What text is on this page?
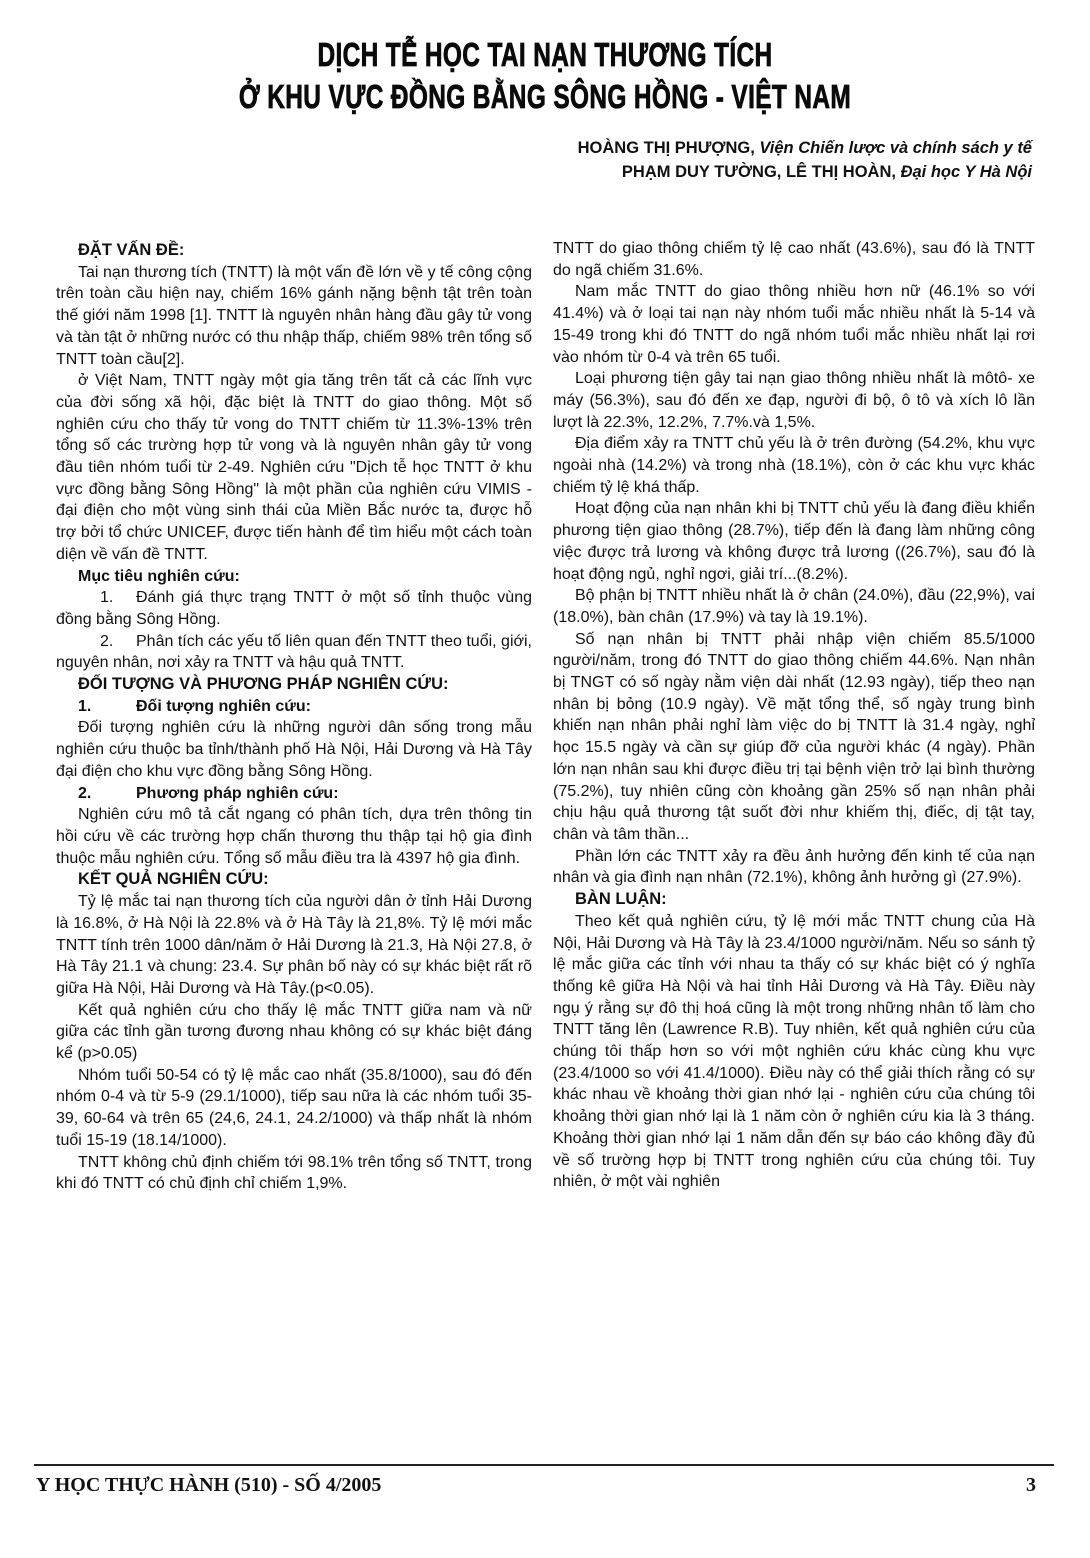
DỊCH TỄ HỌC TAI NẠN THƯƠNG TÍCH
Ở KHU VỰC ĐỒNG BẰNG SÔNG HỒNG - VIỆT NAM
HOÀNG THỊ PHƯỢNG, Viện Chiến lược và chính sách y tế
PHẠM DUY TƯỜNG, LÊ THỊ HOÀN, Đại học Y Hà Nội
ĐẶT VẤN ĐỀ:

Tai nạn thương tích (TNTT) là một vấn đề lớn về y tế công cộng trên toàn cầu hiện nay, chiếm 16% gánh nặng bệnh tật trên toàn thế giới năm 1998 [1]. TNTT là nguyên nhân hàng đầu gây tử vong và tàn tật ở những nước có thu nhập thấp, chiếm 98% trên tổng số TNTT toàn cầu[2].

ở Việt Nam, TNTT ngày một gia tăng trên tất cả các lĩnh vực của đời sống xã hội, đặc biệt là TNTT do giao thông. Một số nghiên cứu cho thấy tử vong do TNTT chiếm từ 11.3%-13% trên tổng số các trường hợp tử vong và là nguyên nhân gây tử vong đầu tiên nhóm tuổi từ 2-49. Nghiên cứu "Dịch tễ học TNTT ở khu vực đồng bằng Sông Hồng" là một phần của nghiên cứu VIMIS - đại điện cho một vùng sinh thái của Miền Bắc nước ta, được hỗ trợ bởi tổ chức UNICEF, được tiến hành để tìm hiểu một cách toàn diện về vấn đề TNTT.

Mục tiêu nghiên cứu:

1. Đánh giá thực trạng TNTT ở một số tỉnh thuộc vùng đồng bằng Sông Hồng.

2. Phân tích các yếu tố liên quan đến TNTT theo tuổi, giới, nguyên nhân, nơi xảy ra TNTT và hậu quả TNTT.

ĐỐI TƯỢNG VÀ PHƯƠNG PHÁP NGHIÊN CỨU:
1.	Đối tượng nghiên cứu:

Đối tượng nghiên cứu là những người dân sống trong mẫu nghiên cứu thuộc ba tỉnh/thành phố Hà Nội, Hải Dương và Hà Tây đại điện cho khu vực đồng bằng Sông Hồng.

2.	Phương pháp nghiên cứu:

Nghiên cứu mô tả cắt ngang có phân tích, dựa trên thông tin hồi cứu về các trường hợp chấn thương thu thập tại hộ gia đình thuộc mẫu nghiên cứu. Tổng số mẫu điều tra là 4397 hộ gia đình.

KẾT QUẢ NGHIÊN CỨU:

Tỷ lệ mắc tai nạn thương tích của người dân ở tỉnh Hải Dương là 16.8%, ở Hà Nội là 22.8% và ở Hà Tây là 21,8%. Tỷ lệ mới mắc TNTT tính trên 1000 dân/năm ở Hải Dương là 21.3, Hà Nội 27.8, ở Hà Tây 21.1 và chung: 23.4. Sự phân bố này có sự khác biệt rất rõ giữa Hà Nội, Hải Dương và Hà Tây.(p<0.05).

Kết quả nghiên cứu cho thấy lệ mắc TNTT giữa nam và nữ giữa các tỉnh gần tương đương nhau không có sự khác biệt đáng kể (p>0.05)

Nhóm tuổi 50-54 có tỷ lệ mắc cao nhất (35.8/1000), sau đó đến nhóm 0-4 và từ 5-9 (29.1/1000), tiếp sau nữa là các nhóm tuổi 35-39, 60-64 và trên 65 (24,6, 24.1, 24.2/1000) và thấp nhất là nhóm tuổi 15-19 (18.14/1000).

TNTT không chủ định chiếm tới 98.1% trên tổng số TNTT, trong khi đó TNTT có chủ định chỉ chiếm 1,9%.

TNTT do giao thông chiếm tỷ lệ cao nhất (43.6%), sau đó là TNTT do ngã chiếm 31.6%.

Nam mắc TNTT do giao thông nhiều hơn nữ (46.1% so với 41.4%) và ở loại tai nạn này nhóm tuổi mắc nhiều nhất là 5-14 và 15-49 trong khi đó TNTT do ngã nhóm tuổi mắc nhiều nhất lại rơi vào nhóm từ 0-4 và trên 65 tuổi.

Loại phương tiện gây tai nạn giao thông nhiều nhất là môtô- xe máy (56.3%), sau đó đến xe đạp, người đi bộ, ô tô và xích lô lần lượt là 22.3%, 12.2%, 7.7%.và 1,5%.

Địa điểm xảy ra TNTT chủ yếu là ở trên đường (54.2%, khu vực ngoài nhà (14.2%) và trong nhà (18.1%), còn ở các khu vực khác chiếm tỷ lệ khá thấp.

Hoạt động của nạn nhân khi bị TNTT chủ yếu là đang điều khiển phương tiện giao thông (28.7%), tiếp đến là đang làm những công việc được trả lương và không được trả lương ((26.7%), sau đó là hoạt động ngủ, nghỉ ngơi, giải trí...(8.2%).

Bộ phận bị TNTT nhiều nhất là ở chân (24.0%), đầu (22,9%), vai (18.0%), bàn chân (17.9%) và tay là 19.1%).

Số nạn nhân bị TNTT phải nhập viện chiếm 85.5/1000 người/năm, trong đó TNTT do giao thông chiếm 44.6%. Nạn nhân bị TNGT có số ngày nằm viện dài nhất (12.93 ngày), tiếp theo nạn nhân bị bỏng (10.9 ngày). Về mặt tổng thể, số ngày trung bình khiến nạn nhân phải nghỉ làm việc do bị TNTT là 31.4 ngày, nghỉ học 15.5 ngày và cần sự giúp đỡ của người khác (4 ngày). Phần lớn nạn nhân sau khi được điều trị tại bệnh viện trở lại bình thường (75.2%), tuy nhiên cũng còn khoảng gần 25% số nạn nhân phải chịu hậu quả thương tật suốt đời như khiếm thị, điếc, dị tật tay, chân và tâm thần...

Phần lớn các TNTT xảy ra đều ảnh hưởng đến kinh tế của nạn nhân và gia đình nạn nhân (72.1%), không ảnh hưởng gì (27.9%).

BÀN LUẬN:

Theo kết quả nghiên cứu, tỷ lệ mới mắc TNTT chung của Hà Nội, Hải Dương và Hà Tây là 23.4/1000 người/năm. Nếu so sánh tỷ lệ mắc giữa các tỉnh với nhau ta thấy có sự khác biệt có ý nghĩa thống kê giữa Hà Nội và hai tỉnh Hải Dương và Hà Tây. Điều này ngụ ý rằng sự đô thị hoá cũng là một trong những nhân tố làm cho TNTT tăng lên (Lawrence R.B). Tuy nhiên, kết quả nghiên cứu của chúng tôi thấp hơn so với một nghiên cứu khác cùng khu vực (23.4/1000 so với 41.4/1000). Điều này có thể giải thích rằng có sự khác nhau về khoảng thời gian nhớ lại - nghiên cứu của chúng tôi khoảng thời gian nhớ lại là 1 năm còn ở nghiên cứu kia là 3 tháng. Khoảng thời gian nhớ lại 1 năm dẫn đến sự báo cáo không đầy đủ về số trường hợp bị TNTT trong nghiên cứu của chúng tôi. Tuy nhiên, ở một vài nghiên

Y HỌC THỰC HÀNH (510) - SỐ 4/2005	3
